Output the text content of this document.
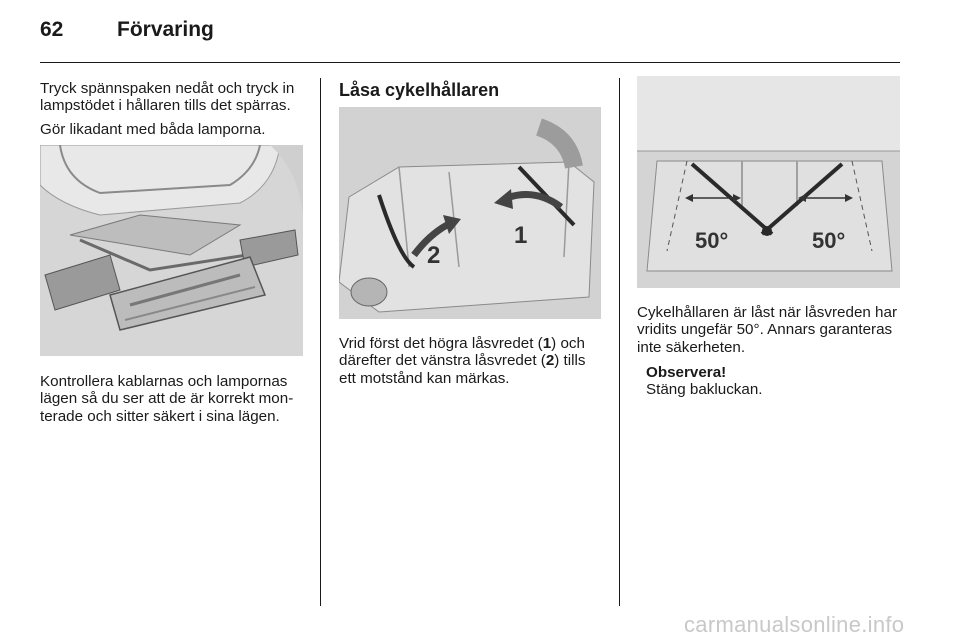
62	Förvaring
Tryck spännspaken nedåt och tryck in lampstödet i hållaren tills det spärras.
Gör likadant med båda lamporna.
Kontrollera kablarnas och lampornas lägen så du ser att de är korrekt monterade och sitter säkert i sina lägen.
Låsa cykelhållaren
1
2
Vrid först det högra låsvredet (1) och därefter det vänstra låsvredet (2) tills ett motstånd kan märkas.
50°	50°
Cykelhållaren är låst när låsvreden har vridits ungefär 50°. Annars garanteras inte säkerheten.
Observera!
Stäng bakluckan.
carmanualsonline.info
